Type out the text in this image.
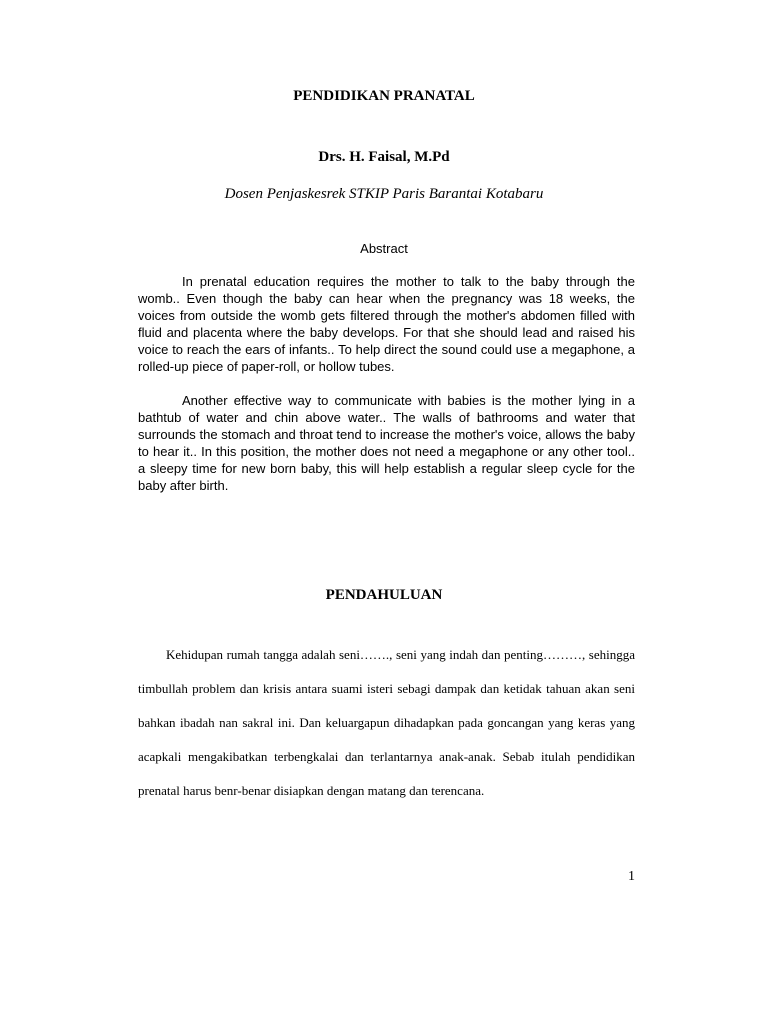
PENDIDIKAN PRANATAL
Drs. H. Faisal, M.Pd
Dosen Penjaskesrek STKIP Paris Barantai Kotabaru
Abstract

In prenatal education requires the mother to talk to the baby through the womb.. Even though the baby can hear when the pregnancy was 18 weeks, the voices from outside the womb gets filtered through the mother's abdomen filled with fluid and placenta where the baby develops. For that she should lead and raised his voice to reach the ears of infants.. To help direct the sound could use a megaphone, a rolled-up piece of paper-roll, or hollow tubes.

Another effective way to communicate with babies is the mother lying in a bathtub of water and chin above water.. The walls of bathrooms and water that surrounds the stomach and throat tend to increase the mother's voice, allows the baby to hear it.. In this position, the mother does not need a megaphone or any other tool.. a sleepy time for new born baby, this will help establish a regular sleep cycle for the baby after birth.

PENDAHULUAN

Kehidupan rumah tangga adalah seni……., seni yang indah dan penting………, sehingga timbullah problem dan krisis antara suami isteri sebagi dampak dan ketidak tahuan akan seni bahkan ibadah nan sakral ini. Dan keluargapun dihadapkan pada goncangan yang keras yang acapkali mengakibatkan terbengkalai dan terlantarnya anak-anak. Sebab itulah pendidikan prenatal harus benr-benar disiapkan dengan matang dan terencana.

1
